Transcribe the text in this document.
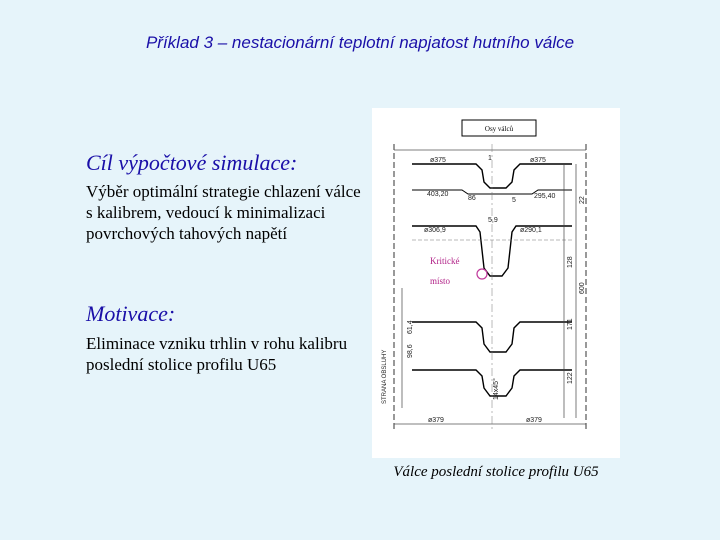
Příklad 3 – nestacionární teplotní napjatost hutního válce
Cíl výpočtové simulace:
Výběr optimální strategie chlazení válce s kalibrem, vedoucí k minimalizaci povrchových tahových napětí
Motivace:
Eliminace vzniku trhlin v rohu kalibru poslední stolice profilu U65
Osy válců
ø375	1	ø375
403,20	295,40
86	5
5,9
ø306,9	ø290,1
22
128
600
171
122
61,4
98,6
STRANA OBSLUHY	14x45°
ø379	ø379
Kritické
místo
Válce poslední stolice profilu U65
